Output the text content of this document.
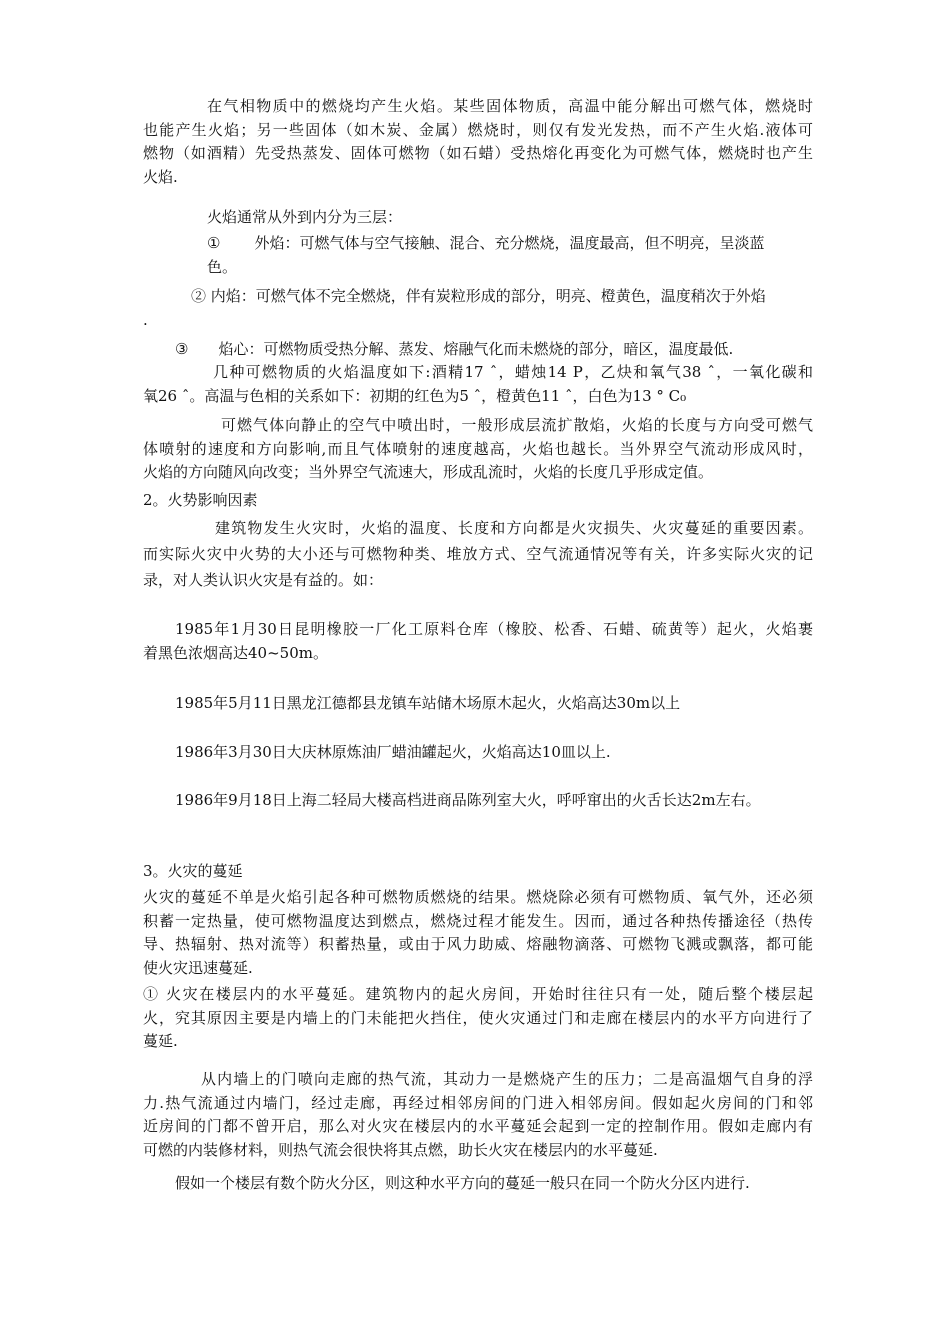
在气相物质中的燃烧均产生火焰。某些固体物质，高温中能分解出可燃气体，燃烧时
也能产生火焰；另一些固体（如木炭、金属）燃烧时，则仅有发光发热，而不产生火焰.液体可
燃物（如酒精）先受热蒸发、固体可燃物（如石蜡）受热熔化再变化为可燃气体，燃烧时也产生
火焰.
火焰通常从外到内分为三层：
① 外焰：可燃气体与空气接触、混合、充分燃烧，温度最高，但不明亮，呈淡蓝
色。
② 内焰：可燃气体不完全燃烧，伴有炭粒形成的部分，明亮、橙黄色，温度稍次于外焰
.
③ 焰心：可燃物质受热分解、蒸发、熔融气化而未燃烧的部分，暗区，温度最低.
几种可燃物质的火焰温度如下:酒精17 ˆ，蜡烛14 P，乙炔和氧气38 ˆ，一氧化碳和
氧26 ˆ。高温与色相的关系如下：初期的红色为5 ˆ，橙黄色11 ˆ，白色为13 ° C₀
可燃气体向静止的空气中喷出时，一般形成层流扩散焰，火焰的长度与方向受可燃气
体喷射的速度和方向影响,而且气体喷射的速度越高，火焰也越长。当外界空气流动形成风时，
火焰的方向随风向改变；当外界空气流速大，形成乱流时，火焰的长度几乎形成定值。
2。火势影响因素
建筑物发生火灾时，火焰的温度、长度和方向都是火灾损失、火灾蔓延的重要因素。
而实际火灾中火势的大小还与可燃物种类、堆放方式、空气流通情况等有关，许多实际火灾的记
录，对人类认识火灾是有益的。如：
1985年1月30日昆明橡胶一厂化工原料仓库（橡胶、松香、石蜡、硫黄等）起火，火焰裹
着黑色浓烟高达40~50m。
1985年5月11日黑龙江德都县龙镇车站储木场原木起火，火焰高达30m以上
1986年3月30日大庆林原炼油厂蜡油罐起火，火焰高达10皿以上.
1986年9月18日上海二轻局大楼高档进商品陈列室大火，呼呼窜出的火舌长达2m左右。
3。火灾的蔓延
火灾的蔓延不单是火焰引起各种可燃物质燃烧的结果。燃烧除必须有可燃物质、氧气外，还必须
积蓄一定热量，使可燃物温度达到燃点，燃烧过程才能发生。因而，通过各种热传播途径（热传
导、热辐射、热对流等）积蓄热量，或由于风力助威、熔融物滴落、可燃物飞溅或飘落，都可能
使火灾迅速蔓延.
① 火灾在楼层内的水平蔓延。建筑物内的起火房间，开始时往往只有一处，随后整个楼层起
火，究其原因主要是内墙上的门未能把火挡住，使火灾通过门和走廊在楼层内的水平方向进行了
蔓延.
从内墙上的门喷向走廊的热气流，其动力一是燃烧产生的压力；二是高温烟气自身的浮
力.热气流通过内墙门，经过走廊，再经过相邻房间的门进入相邻房间。假如起火房间的门和邻
近房间的门都不曾开启，那么对火灾在楼层内的水平蔓延会起到一定的控制作用。假如走廊内有
可燃的内装修材料，则热气流会很快将其点燃，助长火灾在楼层内的水平蔓延.
假如一个楼层有数个防火分区，则这种水平方向的蔓延一般只在同一个防火分区内进行.
